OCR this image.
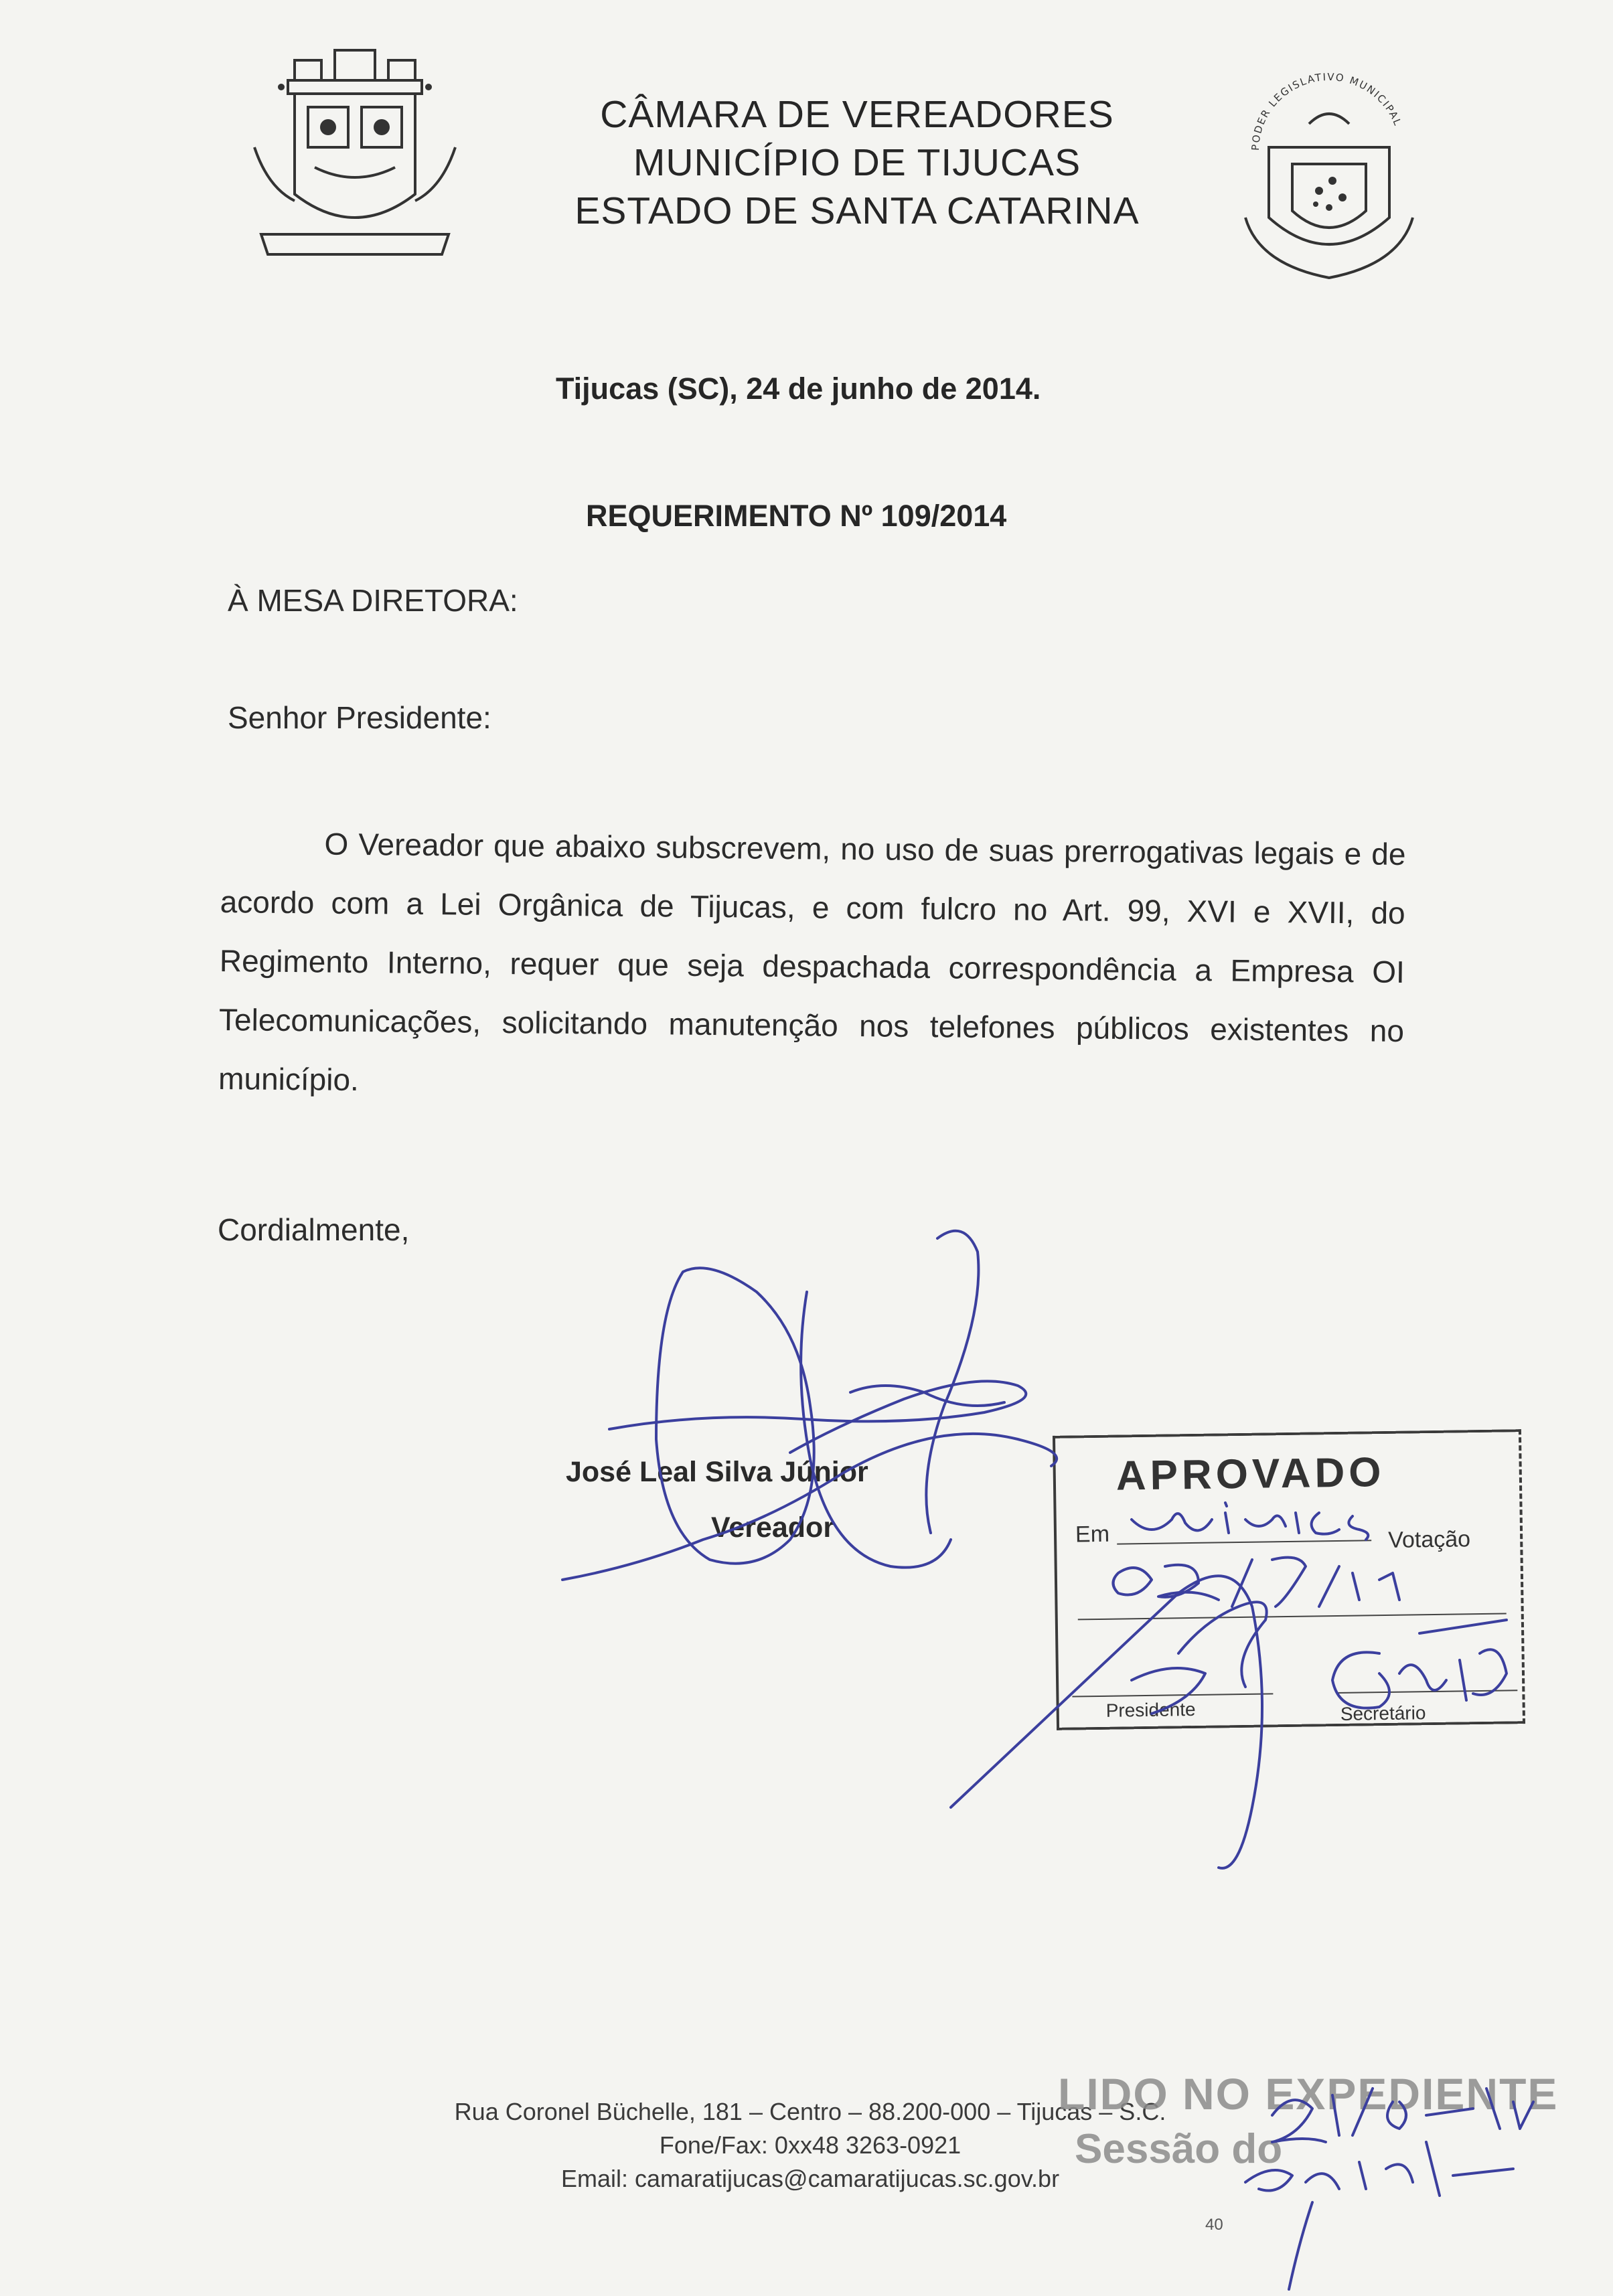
CÂMARA DE VEREADORES
MUNICÍPIO DE TIJUCAS
ESTADO DE SANTA CATARINA
PODER LEGISLATIVO MUNICIPAL
Tijucas (SC), 24 de junho de 2014.
REQUERIMENTO Nº 109/2014
À MESA DIRETORA:
Senhor Presidente:
O Vereador que abaixo subscrevem, no uso de suas prerrogativas legais e de acordo com a Lei Orgânica de Tijucas, e com fulcro no Art. 99, XVI e XVII, do Regimento Interno, requer que seja despachada correspondência a Empresa OI Telecomunicações, solicitando manutenção nos telefones públicos existentes no município.
Cordialmente,
José Leal Silva Júnior
Vereador
APROVADO
Em	Votação
Presidente	Secretário
Rua Coronel Büchelle, 181 – Centro – 88.200-000 – Tijucas – S.C.
Fone/Fax: 0xx48 3263-0921
Email: camaratijucas@camaratijucas.sc.gov.br
LIDO NO EXPEDIENTE
Sessão do
40
